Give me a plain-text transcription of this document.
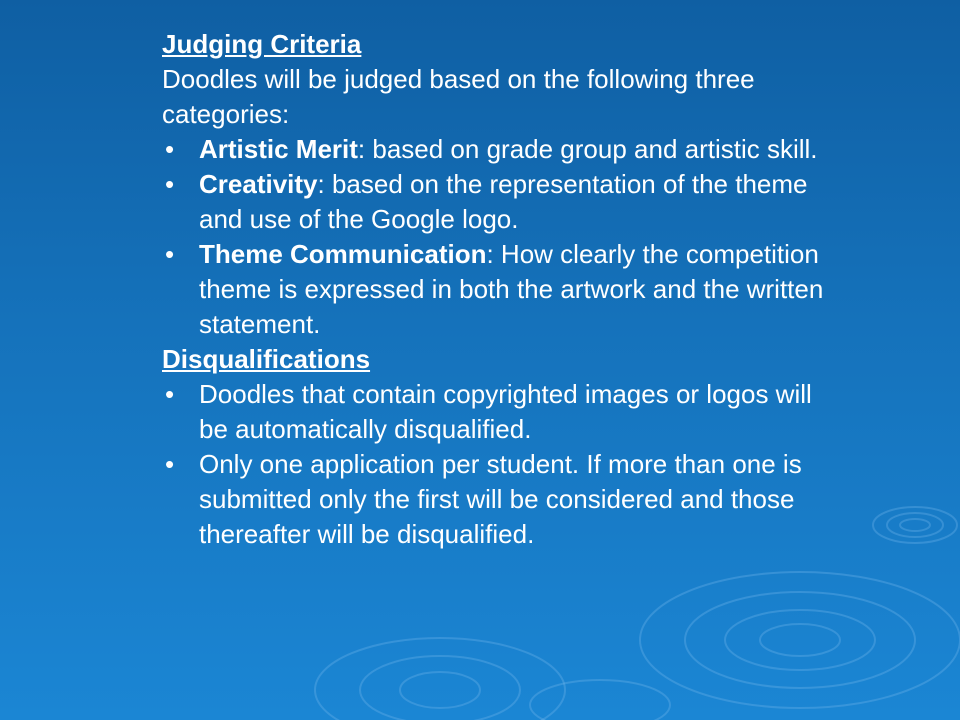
Judging Criteria
Doodles will be judged based on the following three categories:
• Artistic Merit: based on grade group and artistic skill.
• Creativity: based on the representation of the theme and use of the Google logo.
• Theme Communication: How clearly the competition theme is expressed in both the artwork and the written statement.
Disqualifications
• Doodles that contain copyrighted images or logos will be automatically disqualified.
• Only one application per student. If more than one is submitted only the first will be considered and those thereafter will be disqualified.
